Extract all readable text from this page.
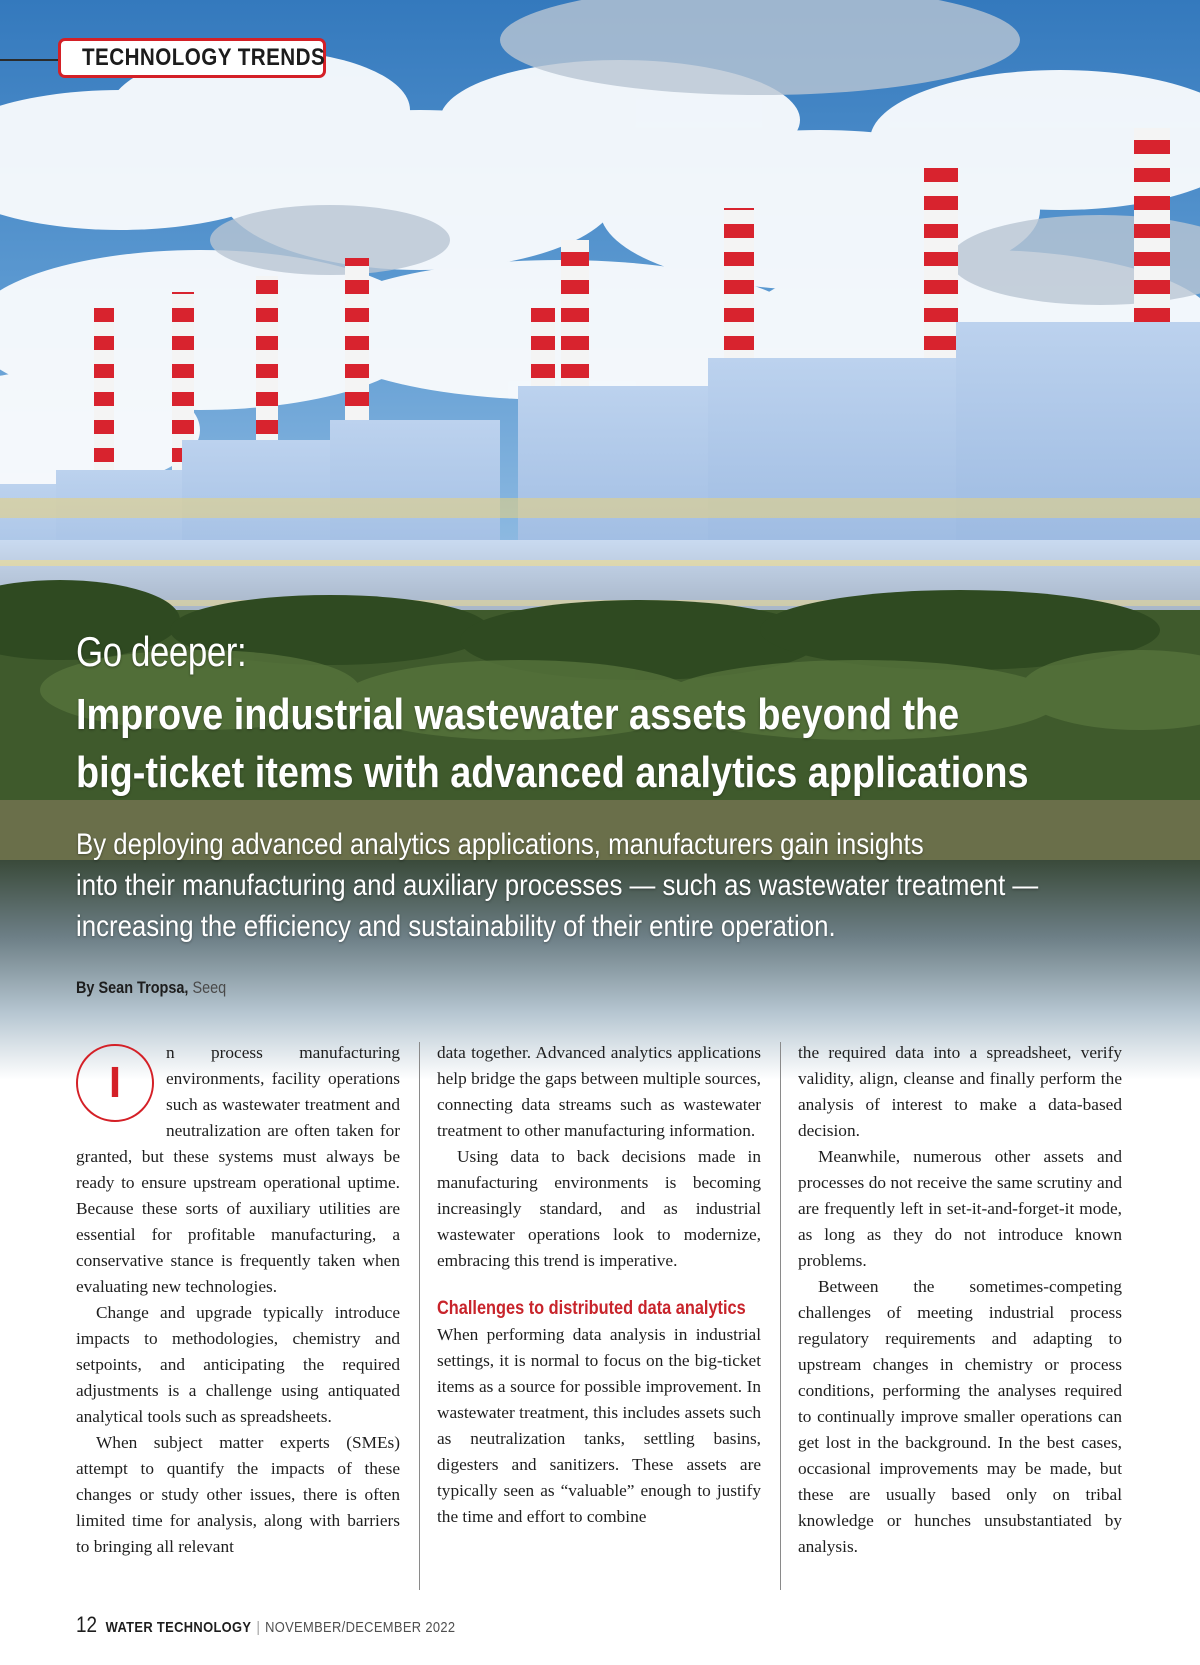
TECHNOLOGY TRENDS
Go deeper:
Improve industrial wastewater assets beyond the
big-ticket items with advanced analytics applications
By deploying advanced analytics applications, manufacturers gain insights
into their manufacturing and auxiliary processes — such as wastewater treatment —
increasing the efficiency and sustainability of their entire operation.
By Sean Tropsa, Seeq
I

n process manufacturing environments, facility operations such as wastewater treatment and neutralization are often taken for granted, but these systems must always be ready to ensure upstream operational uptime. Because these sorts of auxiliary utilities are essential for profitable manufacturing, a conservative stance is frequently taken when evaluating new technologies.

Change and upgrade typically introduce impacts to methodologies, chemistry and setpoints, and anticipating the required adjustments is a challenge using antiquated analytical tools such as spreadsheets.

When subject matter experts (SMEs) attempt to quantify the impacts of these changes or study other issues, there is often limited time for analysis, along with barriers to bringing all relevant

data together. Advanced analytics applications help bridge the gaps between multiple sources, connecting data streams such as wastewater treatment to other manufacturing information.

Using data to back decisions made in manufacturing environments is becoming increasingly standard, and as industrial wastewater operations look to modernize, embracing this trend is imperative.

Challenges to distributed data analytics

When performing data analysis in industrial settings, it is normal to focus on the big-ticket items as a source for possible improvement. In wastewater treatment, this includes assets such as neutralization tanks, settling basins, digesters and sanitizers. These assets are typically seen as “valuable” enough to justify the time and effort to combine

the required data into a spreadsheet, verify validity, align, cleanse and finally perform the analysis of interest to make a data-based decision.

Meanwhile, numerous other assets and processes do not receive the same scrutiny and are frequently left in set-it-and-forget-it mode, as long as they do not introduce known problems.

Between the sometimes-competing challenges of meeting industrial process regulatory requirements and adapting to upstream changes in chemistry or process conditions, performing the analyses required to continually improve smaller operations can get lost in the background. In the best cases, occasional improvements may be made, but these are usually based only on tribal knowledge or hunches unsubstantiated by analysis.

12 WATER TECHNOLOGY | NOVEMBER/DECEMBER 2022
